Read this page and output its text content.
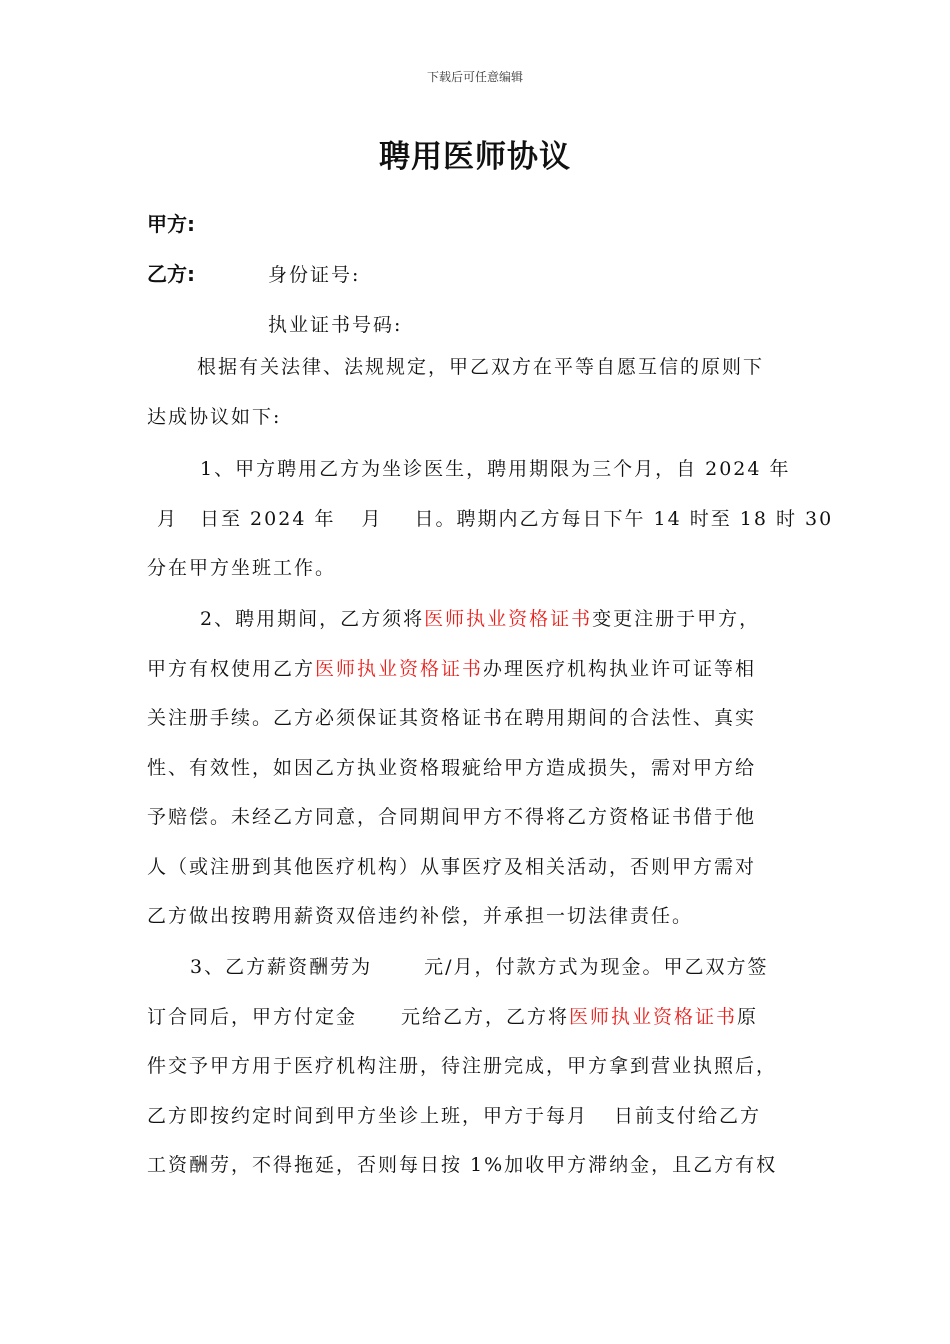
下载后可任意编辑
聘用医师协议
甲方:
乙方:	身份证号:
执业证书号码:
根据有关法律、法规规定，甲乙双方在平等自愿互信的原则下
达成协议如下:
1、甲方聘用乙方为坐诊医生，聘用期限为三个月，自 2024 年
月 日至 2024 年 月 日。聘期内乙方每日下午 14 时至 18 时 30
分在甲方坐班工作。
2、聘用期间，乙方须将医师执业资格证书变更注册于甲方，
甲方有权使用乙方医师执业资格证书办理医疗机构执业许可证等相
关注册手续。乙方必须保证其资格证书在聘用期间的合法性、真实
性、有效性，如因乙方执业资格瑕疵给甲方造成损失，需对甲方给
予赔偿。未经乙方同意，合同期间甲方不得将乙方资格证书借于他
人（或注册到其他医疗机构）从事医疗及相关活动，否则甲方需对
乙方做出按聘用薪资双倍违约补偿，并承担一切法律责任。
3、乙方薪资酬劳为	元/月，付款方式为现金。甲乙双方签
订合同后，甲方付定金 元给乙方，乙方将医师执业资格证书原
件交予甲方用于医疗机构注册，待注册完成，甲方拿到营业执照后，
乙方即按约定时间到甲方坐诊上班，甲方于每月 日前支付给乙方
工资酬劳，不得拖延，否则每日按 1%加收甲方滞纳金，且乙方有权
